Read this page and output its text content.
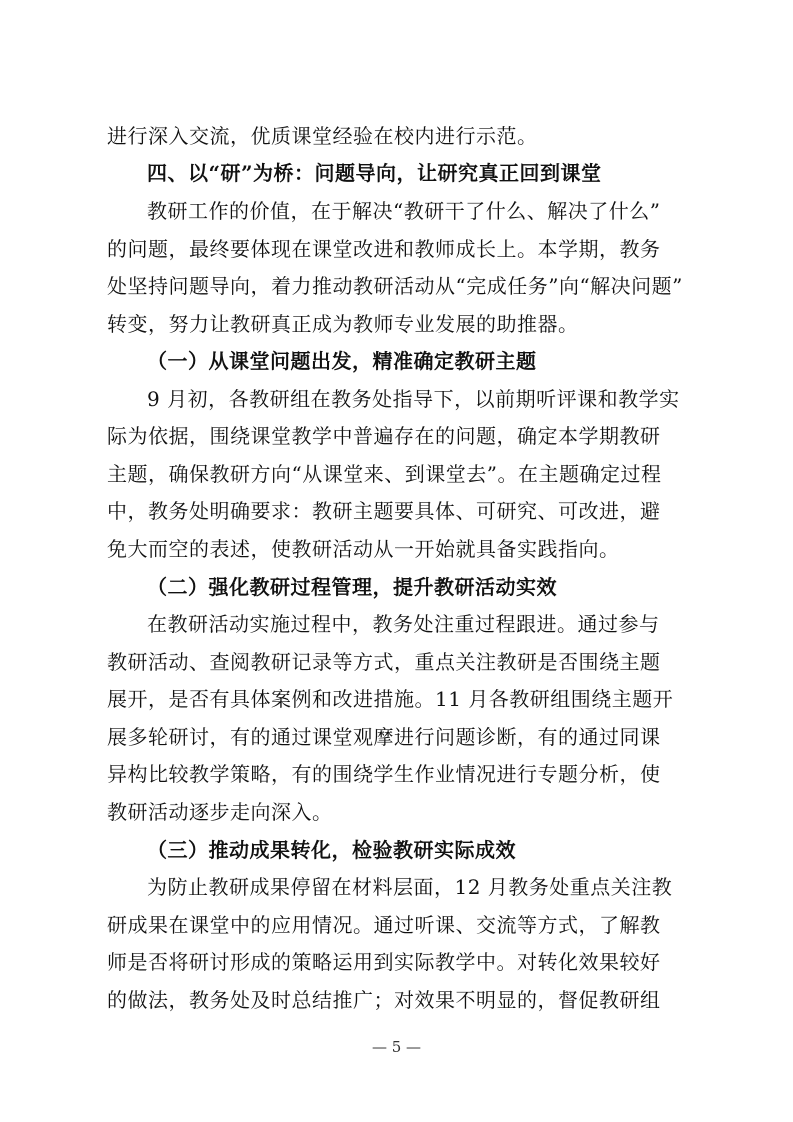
进行深入交流，优质课堂经验在校内进行示范。
四、以“研”为桥：问题导向，让研究真正回到课堂
教研工作的价值，在于解决“教研干了什么、解决了什么”
的问题，最终要体现在课堂改进和教师成长上。本学期，教务
处坚持问题导向，着力推动教研活动从“完成任务”向“解决问题”
转变，努力让教研真正成为教师专业发展的助推器。
（一）从课堂问题出发，精准确定教研主题
9 月初，各教研组在教务处指导下，以前期听评课和教学实
际为依据，围绕课堂教学中普遍存在的问题，确定本学期教研
主题，确保教研方向“从课堂来、到课堂去”。在主题确定过程
中，教务处明确要求：教研主题要具体、可研究、可改进，避
免大而空的表述，使教研活动从一开始就具备实践指向。
（二）强化教研过程管理，提升教研活动实效
在教研活动实施过程中，教务处注重过程跟进。通过参与
教研活动、查阅教研记录等方式，重点关注教研是否围绕主题
展开，是否有具体案例和改进措施。11 月各教研组围绕主题开
展多轮研讨，有的通过课堂观摩进行问题诊断，有的通过同课
异构比较教学策略，有的围绕学生作业情况进行专题分析，使
教研活动逐步走向深入。
（三）推动成果转化，检验教研实际成效
为防止教研成果停留在材料层面，12 月教务处重点关注教
研成果在课堂中的应用情况。通过听课、交流等方式，了解教
师是否将研讨形成的策略运用到实际教学中。对转化效果较好
的做法，教务处及时总结推广；对效果不明显的，督促教研组
— 5 —
